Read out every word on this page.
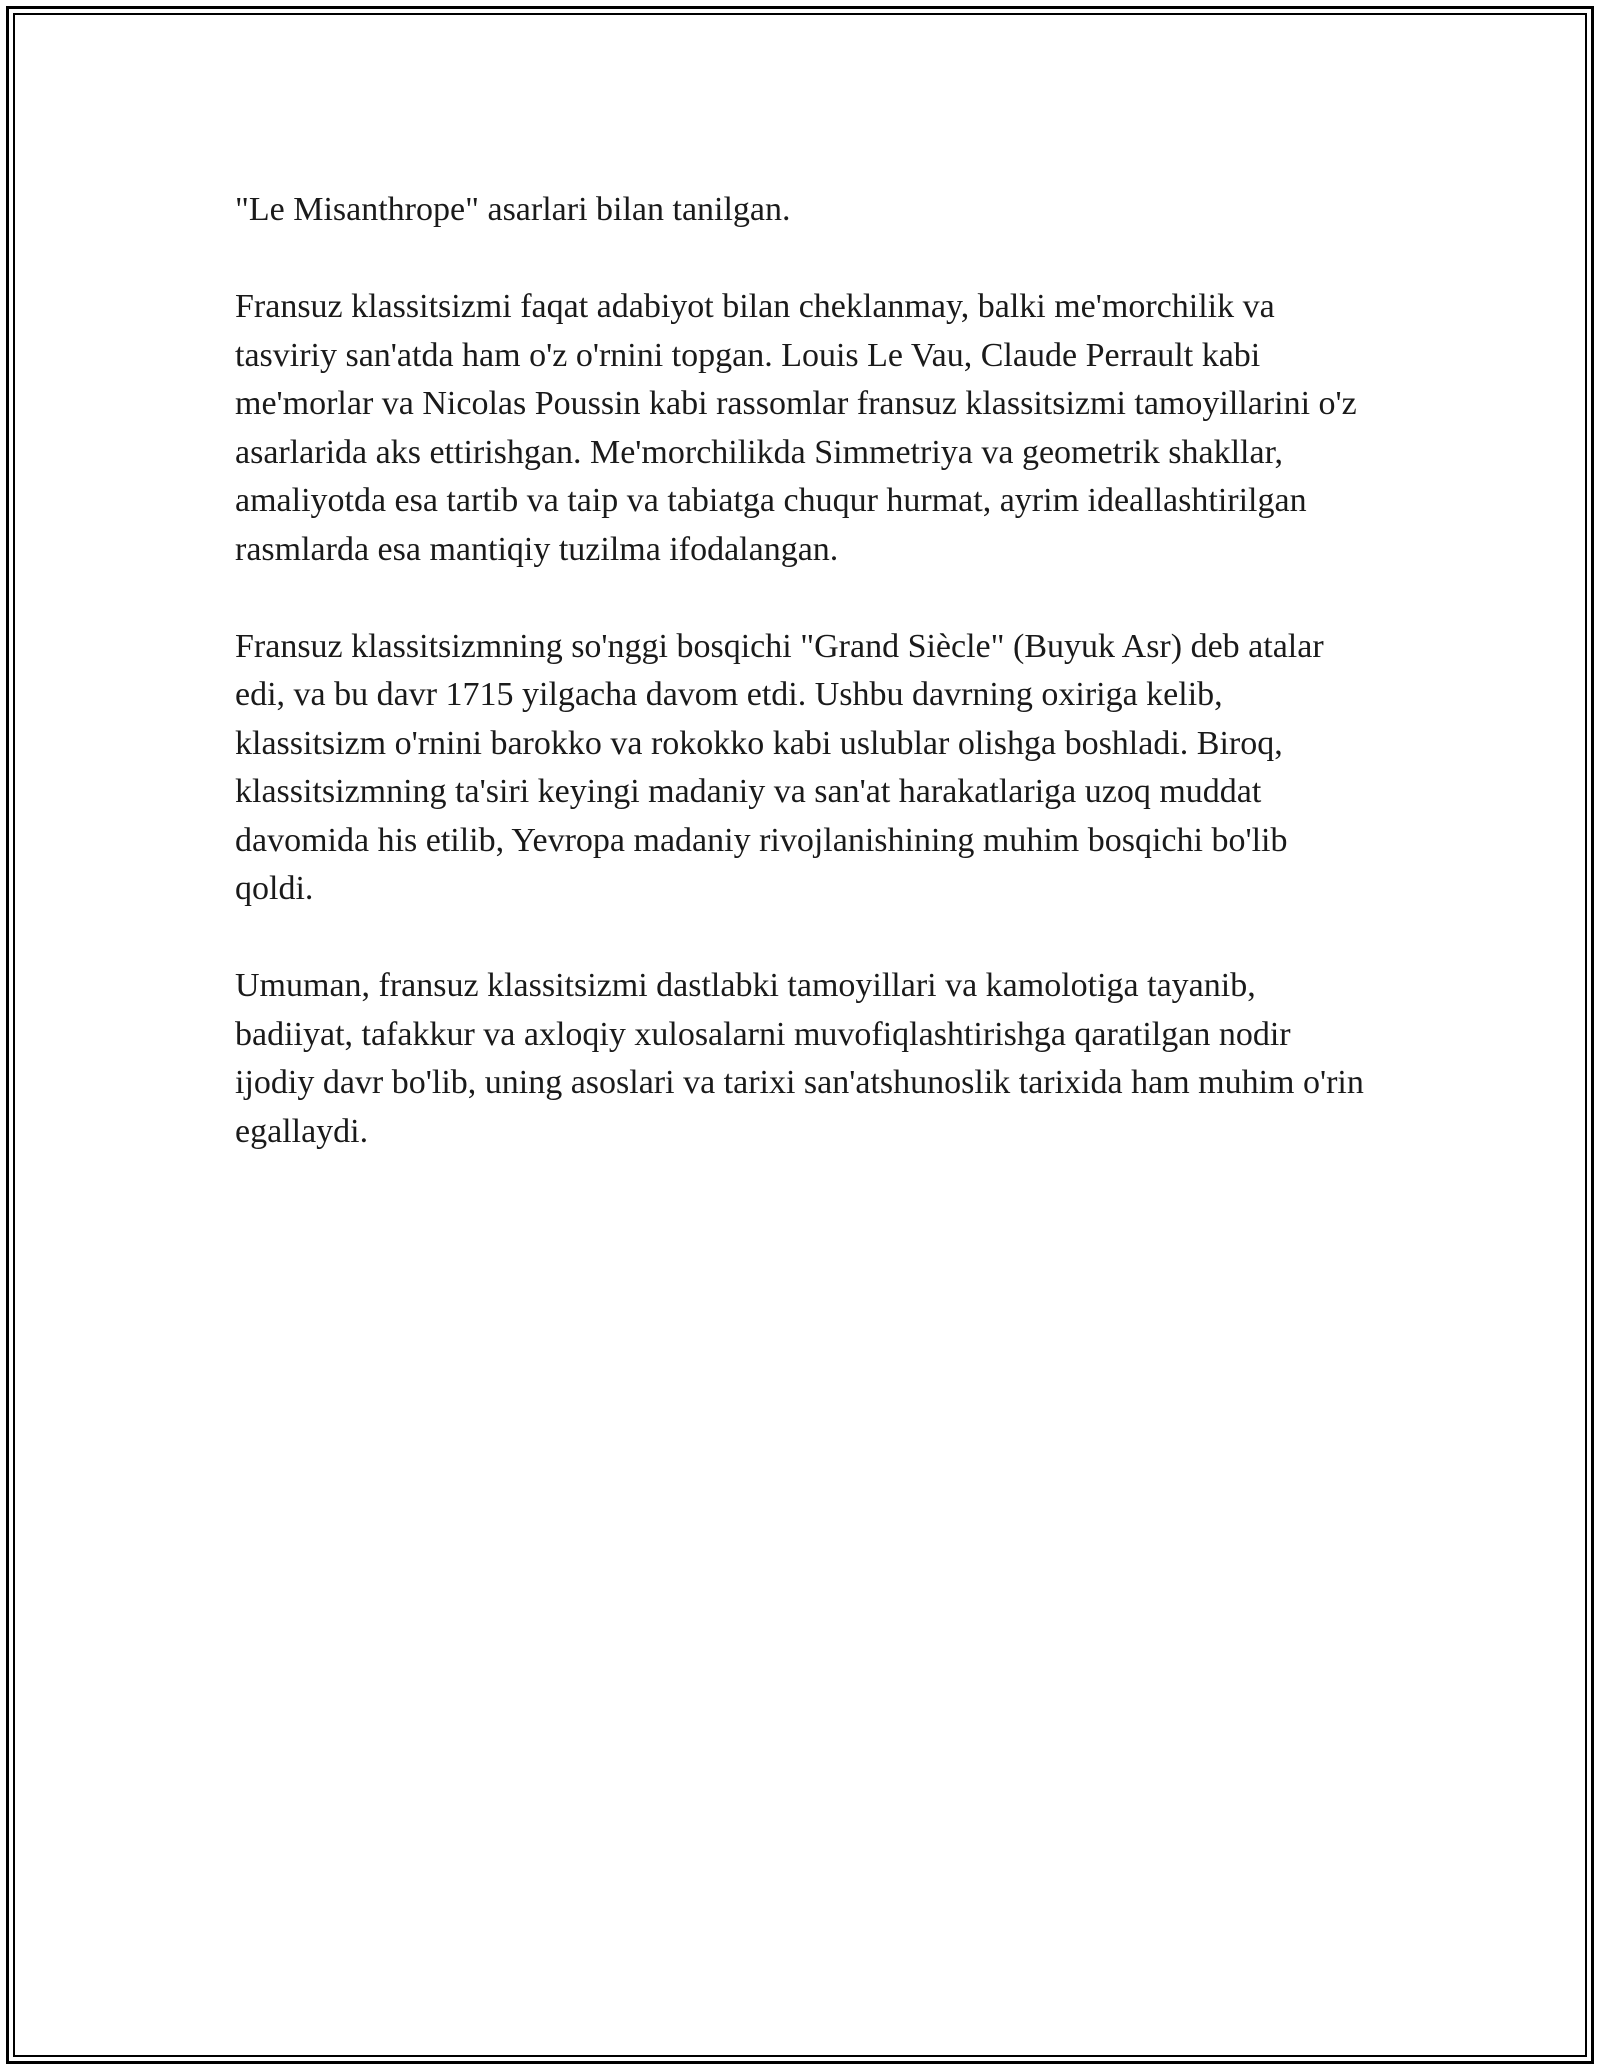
"Le Misanthrope" asarlari bilan tanilgan.

Fransuz klassitsizmi faqat adabiyot bilan cheklanmay, balki me'morchilik va tasviriy san'atda ham o'z o'rnini topgan. Louis Le Vau, Claude Perrault kabi me'morlar va Nicolas Poussin kabi rassomlar fransuz klassitsizmi tamoyillarini o'z asarlarida aks ettirishgan. Me'morchilikda Simmetriya va geometrik shakllar, amaliyotda esa tartib va taip va tabiatga chuqur hurmat, ayrim ideallashtirilgan rasmlarda esa mantiqiy tuzilma ifodalangan.

Fransuz klassitsizmning so'nggi bosqichi "Grand Siècle" (Buyuk Asr) deb atalar edi, va bu davr 1715 yilgacha davom etdi. Ushbu davrning oxiriga kelib, klassitsizm o'rnini barokko va rokokko kabi uslublar olishga boshladi. Biroq, klassitsizmning ta'siri keyingi madaniy va san'at harakatlariga uzoq muddat davomida his etilib, Yevropa madaniy rivojlanishining muhim bosqichi bo'lib qoldi.

Umuman, fransuz klassitsizmi dastlabki tamoyillari va kamolotiga tayanib, badiiyat, tafakkur va axloqiy xulosalarni muvofiqlashtirishga qaratilgan nodir ijodiy davr bo'lib, uning asoslari va tarixi san'atshunoslik tarixida ham muhim o'rin egallaydi.
